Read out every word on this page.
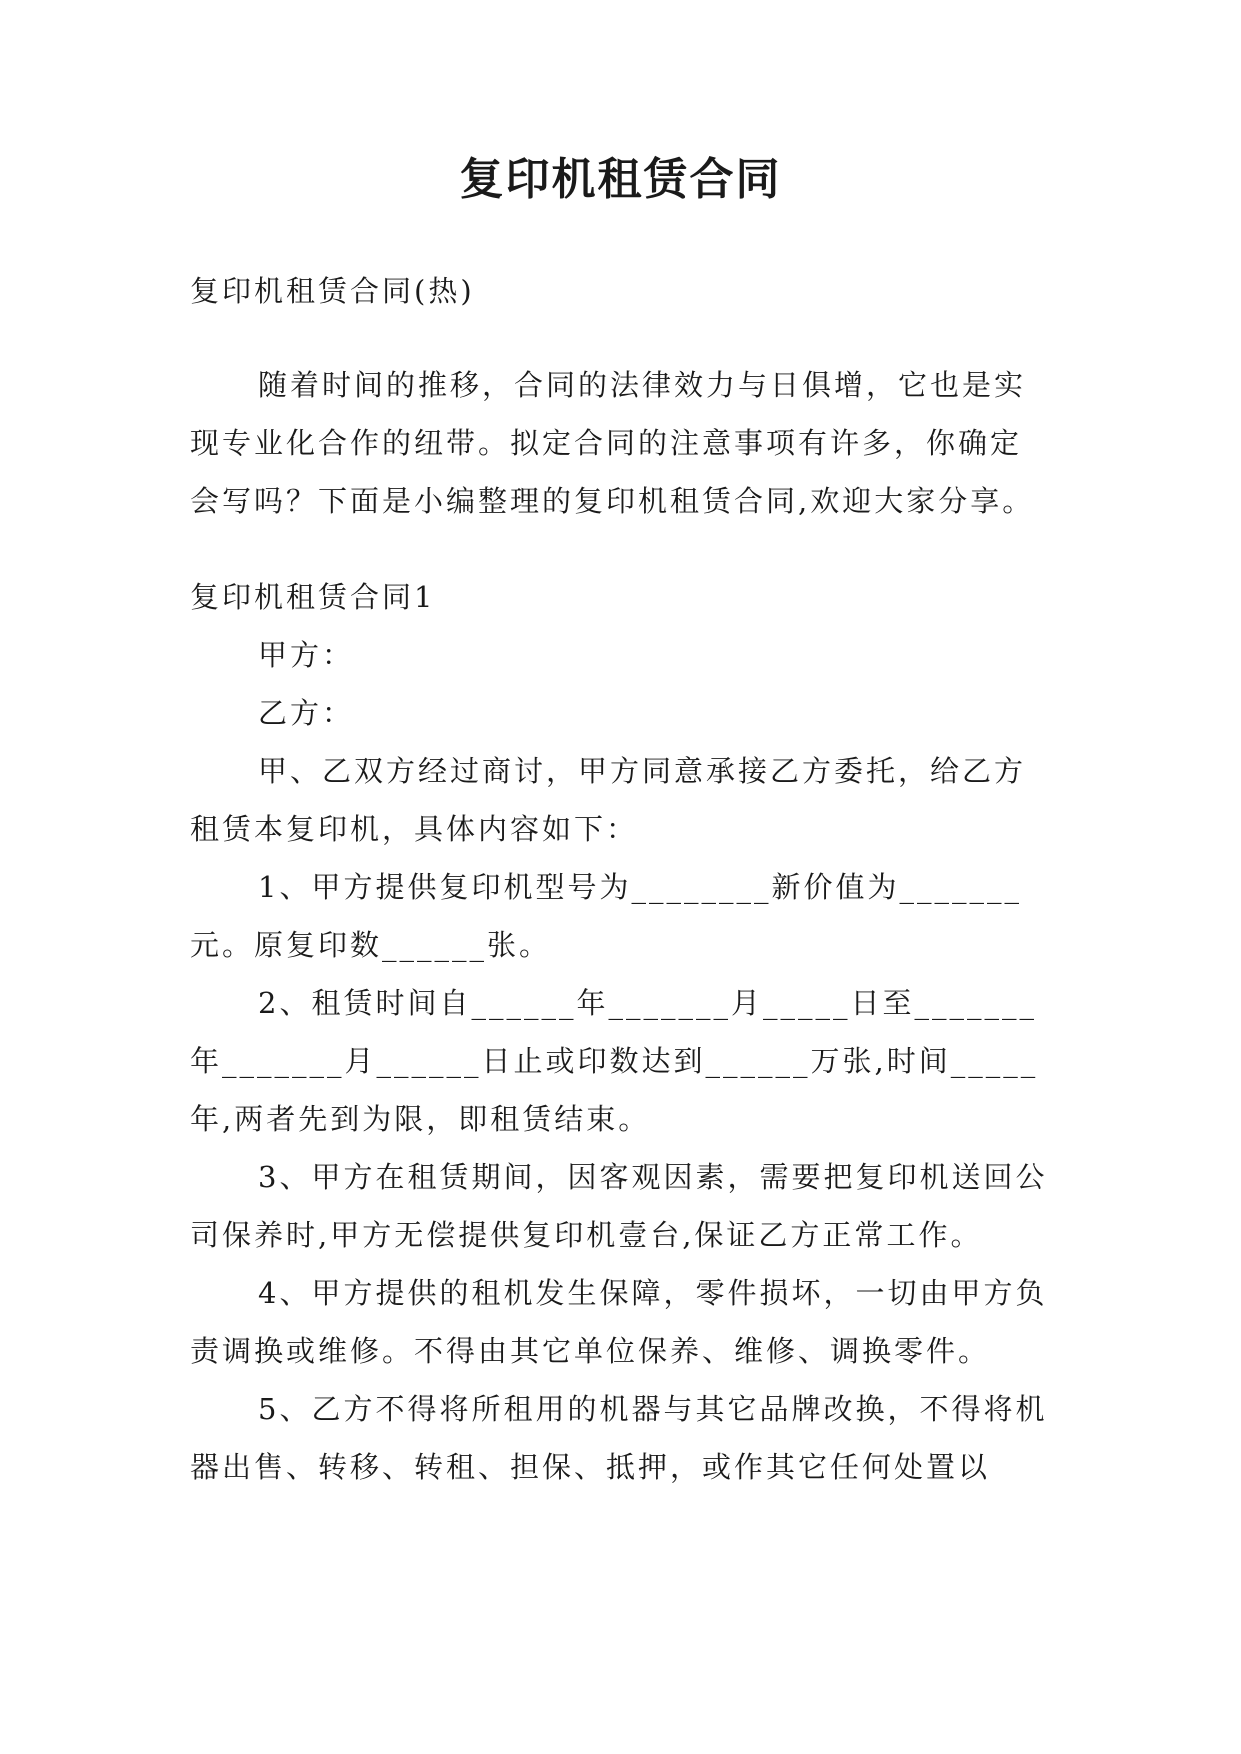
复印机租赁合同

复印机租赁合同(热)

随着时间的推移，合同的法律效力与日俱增，它也是实现专业化合作的纽带。拟定合同的注意事项有许多，你确定会写吗？下面是小编整理的复印机租赁合同,欢迎大家分享。

复印机租赁合同1

甲方：

乙方：

甲、乙双方经过商讨，甲方同意承接乙方委托，给乙方租赁本复印机，具体内容如下：

1、甲方提供复印机型号为________新价值为_______元。原复印数______张。

2、租赁时间自______年_______月_____日至_______年_______月______日止或印数达到______万张,时间_____年,两者先到为限，即租赁结束。

3、甲方在租赁期间，因客观因素，需要把复印机送回公司保养时,甲方无偿提供复印机壹台,保证乙方正常工作。

4、甲方提供的租机发生保障，零件损坏，一切由甲方负责调换或维修。不得由其它单位保养、维修、调换零件。

5、乙方不得将所租用的机器与其它品牌改换，不得将机器出售、转移、转租、担保、抵押，或作其它任何处置以
